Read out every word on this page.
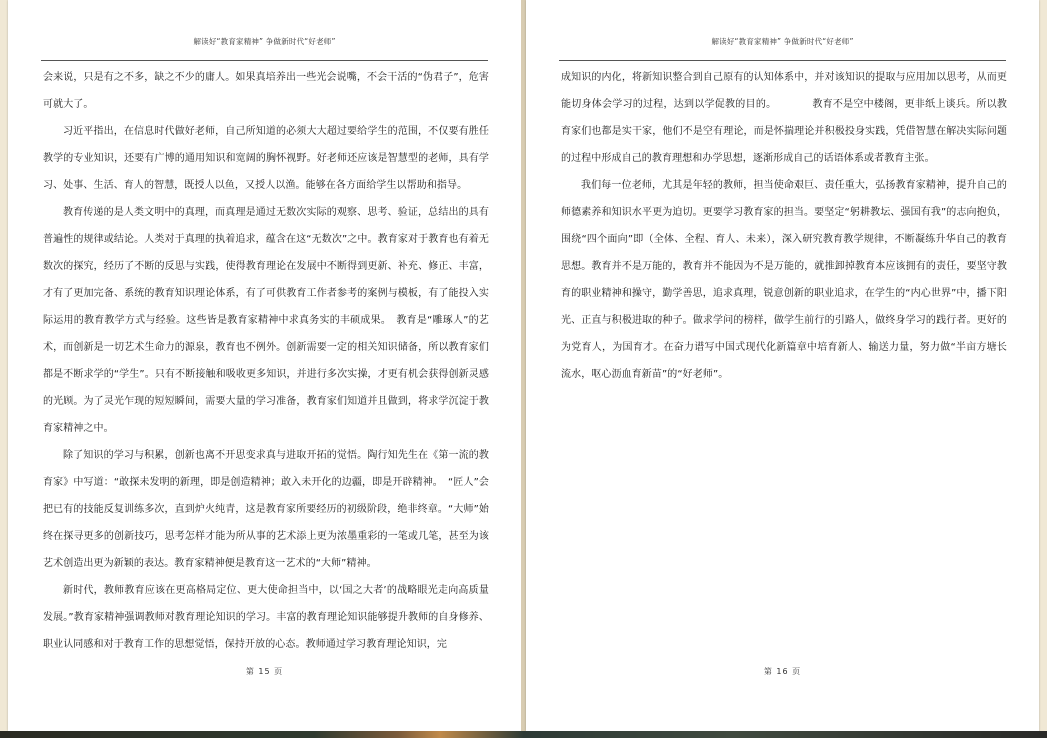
解读好“教育家精神” 争做新时代“好老师”

会来说，只是有之不多，缺之不少的庸人。如果真培养出一些光会说嘴，不会干活的“伪君子”，危害可就大了。

习近平指出，在信息时代做好老师，自己所知道的必须大大超过要给学生的范围，不仅要有胜任教学的专业知识，还要有广博的通用知识和宽阔的胸怀视野。好老师还应该是智慧型的老师，具有学习、处事、生活、育人的智慧，既授人以鱼，又授人以渔。能够在各方面给学生以帮助和指导。

教育传递的是人类文明中的真理，而真理是通过无数次实际的观察、思考、验证，总结出的具有普遍性的规律或结论。人类对于真理的执着追求，蕴含在这“无数次”之中。教育家对于教育也有着无数次的探究，经历了不断的反思与实践，使得教育理论在发展中不断得到更新、补充、修正、丰富，才有了更加完备、系统的教育知识理论体系，有了可供教育工作者参考的案例与模板，有了能投入实际运用的教育教学方式与经验。这些皆是教育家精神中求真务实的丰硕成果。　教育是“雕琢人”的艺术，而创新是一切艺术生命力的源泉，教育也不例外。创新需要一定的相关知识储备，所以教育家们都是不断求学的“学生”。只有不断接触和吸收更多知识，并进行多次实操，才更有机会获得创新灵感的光顾。为了灵光乍现的短短瞬间，需要大量的学习准备，教育家们知道并且做到，将求学沉淀于教育家精神之中。

除了知识的学习与积累，创新也离不开思变求真与进取开拓的觉悟。陶行知先生在《第一流的教育家》中写道：“敢探未发明的新理，即是创造精神；敢入未开化的边疆，即是开辟精神。　“匠人”会把已有的技能反复训练多次，直到炉火纯青，这是教育家所要经历的初级阶段，绝非终章。“大师”始终在探寻更多的创新技巧，思考怎样才能为所从事的艺术添上更为浓墨重彩的一笔或几笔，甚至为该艺术创造出更为新颖的表达。教育家精神便是教育这一艺术的“大师”精神。

新时代，教师教育应该在更高格局定位、更大使命担当中，以‘国之大者’的战略眼光走向高质量发展。”教育家精神强调教师对教育理论知识的学习。丰富的教育理论知识能够提升教师的自身修养、职业认同感和对于教育工作的思想觉悟，保持开放的心态。教师通过学习教育理论知识，完

第 15 页
解读好“教育家精神” 争做新时代“好老师”

成知识的内化，将新知识整合到自己原有的认知体系中，并对该知识的提取与应用加以思考，从而更能切身体会学习的过程，达到以学促教的目的。　　　　教育不是空中楼阁，更非纸上谈兵。所以教育家们也都是实干家，他们不是空有理论，而是怀揣理论并积极投身实践，凭借智慧在解决实际问题的过程中形成自己的教育理想和办学思想，逐渐形成自己的话语体系或者教育主张。

我们每一位老师，尤其是年轻的教师，担当使命艰巨、责任重大，弘扬教育家精神，提升自己的师德素养和知识水平更为迫切。更要学习教育家的担当。要坚定“躬耕教坛、强国有我”的志向抱负，围绕“四个面向”即（全体、全程、育人、未来），深入研究教育教学规律，不断凝练升华自己的教育思想。教育并不是万能的，教育并不能因为不是万能的，就推卸掉教育本应该拥有的责任，要坚守教育的职业精神和操守，勤学善思，追求真理，锐意创新的职业追求，在学生的“内心世界”中，播下阳光、正直与积极进取的种子。做求学问的榜样，做学生前行的引路人，做终身学习的践行者。更好的为党育人，为国育才。在奋力谱写中国式现代化新篇章中培育新人、输送力量，努力做“半亩方塘长流水，呕心沥血育新苗”的“好老师”。

第 16 页
